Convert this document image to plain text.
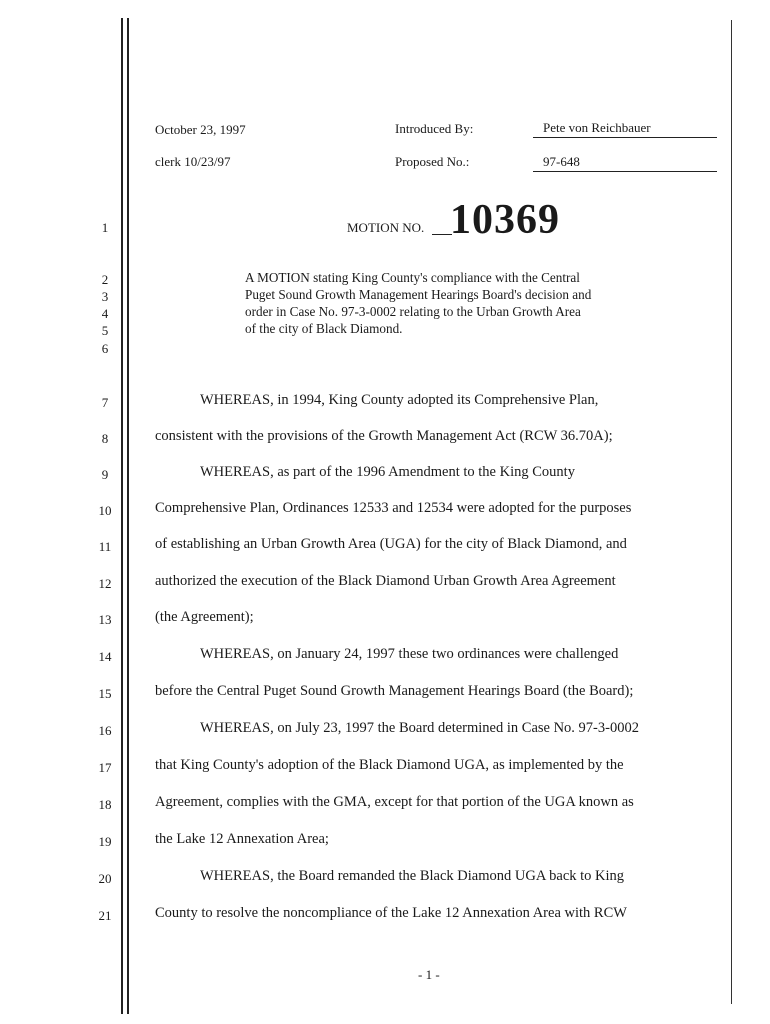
October 23, 1997
clerk 10/23/97
Introduced By:	Pete von Reichbauer
Proposed No.:	97-648
MOTION NO. 10369
A MOTION stating King County's compliance with the Central
Puget Sound Growth Management Hearings Board's decision and
order in Case No. 97-3-0002 relating to the Urban Growth Area
of the city of Black Diamond.
1
2
3
4
5
6
7
8
9
10
11
12
13
14
15
16
17
18
19
20
21
WHEREAS, in 1994, King County adopted its Comprehensive Plan,
consistent with the provisions of the Growth Management Act (RCW 36.70A);
WHEREAS, as part of the 1996 Amendment to the King County
Comprehensive Plan, Ordinances 12533 and 12534 were adopted for the purposes
of establishing an Urban Growth Area (UGA) for the city of Black Diamond, and
authorized the execution of the Black Diamond Urban Growth Area Agreement
(the Agreement);
WHEREAS, on January 24, 1997 these two ordinances were challenged
before the Central Puget Sound Growth Management Hearings Board (the Board);
WHEREAS, on July 23, 1997 the Board determined in Case No. 97-3-0002
that King County's adoption of the Black Diamond UGA, as implemented by the
Agreement, complies with the GMA, except for that portion of the UGA known as
the Lake 12 Annexation Area;
WHEREAS, the Board remanded the Black Diamond UGA back to King
County to resolve the noncompliance of the Lake 12 Annexation Area with RCW
- 1 -
